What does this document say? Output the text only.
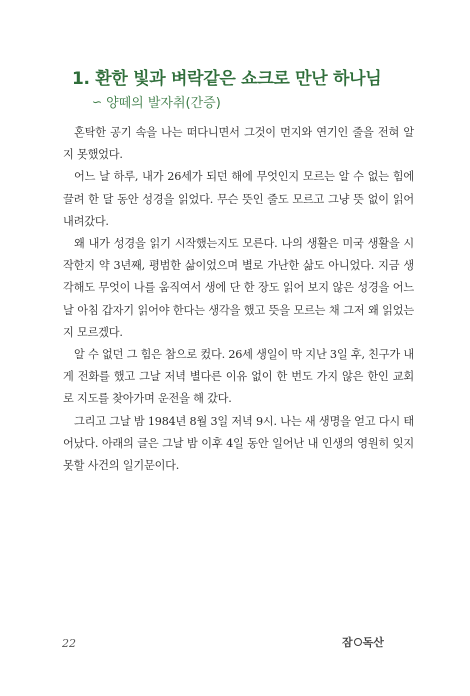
1. 환한 빛과 벼락같은 쇼크로 만난 하나님
∽ 양떼의 발자취(간증)

혼탁한 공기 속을 나는 떠다니면서 그것이 먼지와 연기인 줄을 전혀 알지 못했었다.

어느 날 하루, 내가 26세가 되던 해에 무엇인지 모르는 알 수 없는 힘에 끌려 한 달 동안 성경을 읽었다. 무슨 뜻인 줄도 모르고 그냥 뜻 없이 읽어 내려갔다.

왜 내가 성경을 읽기 시작했는지도 모른다. 나의 생활은 미국 생활을 시작한지 약 3년째, 평범한 삶이었으며 별로 가난한 삶도 아니었다. 지금 생각해도 무엇이 나를 움직여서 생에 단 한 장도 읽어 보지 않은 성경을 어느 날 아침 갑자기 읽어야 한다는 생각을 했고 뜻을 모르는 채 그저 왜 읽었는지 모르겠다.

알 수 없던 그 힘은 참으로 컸다. 26세 생일이 막 지난 3일 후, 친구가 내게 전화를 했고 그날 저녁 별다른 이유 없이 한 번도 가지 않은 한인 교회로 지도를 찾아가며 운전을 해 갔다.

그리고 그날 밤 1984년 8월 3일 저녁 9시. 나는 새 생명을 얻고 다시 태어났다. 아래의 글은 그날 밤 이후 4일 동안 일어난 내 인생의 영원히 잊지 못할 사건의 일기문이다.

22	잠 독산
